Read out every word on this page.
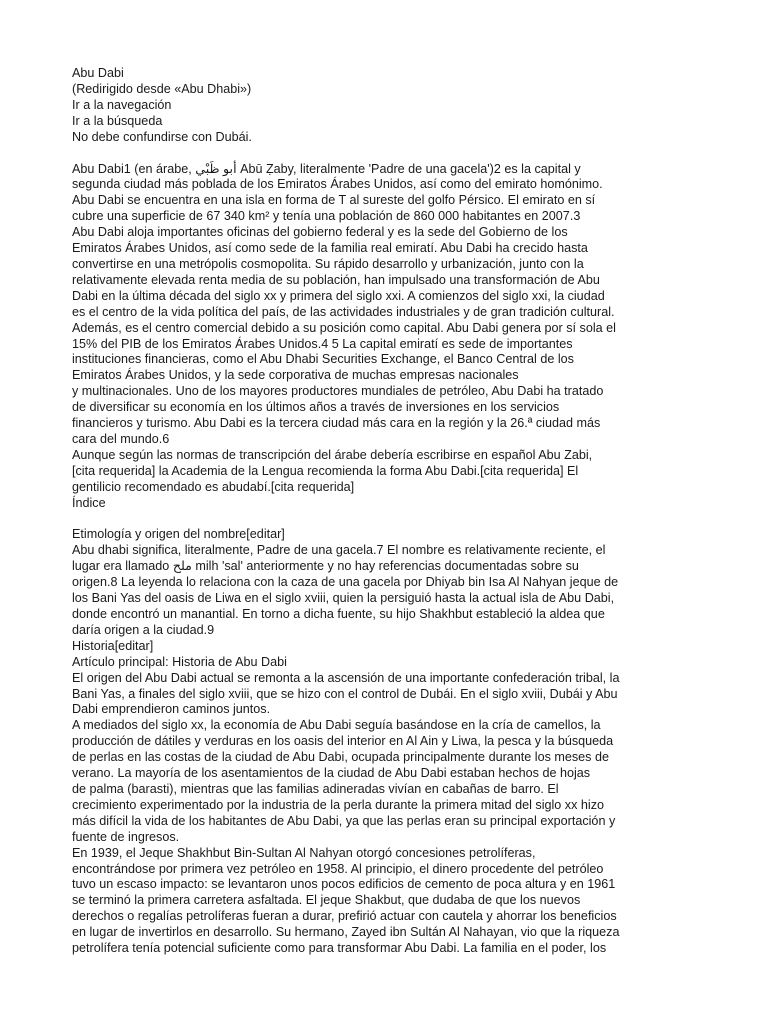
Abu Dabi
(Redirigido desde «Abu Dhabi»)
Ir a la navegación
Ir a la búsqueda
No debe confundirse con Dubái.
Abu Dabi1 (en árabe, أبو ظَبْي Abū Ẓaby, literalmente 'Padre de una gacela')2 es la capital y
segunda ciudad más poblada de los Emiratos Árabes Unidos, así como del emirato homónimo.
Abu Dabi se encuentra en una isla en forma de T al sureste del golfo Pérsico. El emirato en sí
cubre una superficie de 67 340 km² y tenía una población de 860 000 habitantes en 2007.3
Abu Dabi aloja importantes oficinas del gobierno federal y es la sede del Gobierno de los
Emiratos Árabes Unidos, así como sede de la familia real emiratí. Abu Dabi ha crecido hasta
convertirse en una metrópolis cosmopolita. Su rápido desarrollo y urbanización, junto con la
relativamente elevada renta media de su población, han impulsado una transformación de Abu
Dabi en la última década del siglo xx y primera del siglo xxi. A comienzos del siglo xxi, la ciudad
es el centro de la vida política del país, de las actividades industriales y de gran tradición cultural.
Además, es el centro comercial debido a su posición como capital. Abu Dabi genera por sí sola el
15% del PIB de los Emiratos Árabes Unidos.4 5 La capital emiratí es sede de importantes
instituciones financieras, como el Abu Dhabi Securities Exchange, el Banco Central de los
Emiratos Árabes Unidos, y la sede corporativa de muchas empresas nacionales
y multinacionales. Uno de los mayores productores mundiales de petróleo, Abu Dabi ha tratado
de diversificar su economía en los últimos años a través de inversiones en los servicios
financieros y turismo. Abu Dabi es la tercera ciudad más cara en la región y la 26.ª ciudad más
cara del mundo.6
Aunque según las normas de transcripción del árabe debería escribirse en español Abu Zabi,
[cita requerida] la Academia de la Lengua recomienda la forma Abu Dabi.[cita requerida] El
gentilicio recomendado es abudabí.[cita requerida]
Índice
Etimología y origen del nombre[editar]
Abu dhabi significa, literalmente, Padre de una gacela.7 El nombre es relativamente reciente, el
lugar era llamado ملح milh 'sal' anteriormente y no hay referencias documentadas sobre su
origen.8 La leyenda lo relaciona con la caza de una gacela por Dhiyab bin Isa Al Nahyan jeque de
los Bani Yas del oasis de Liwa en el siglo xviii, quien la persiguió hasta la actual isla de Abu Dabi,
donde encontró un manantial. En torno a dicha fuente, su hijo Shakhbut estableció la aldea que
daría origen a la ciudad.9
Historia[editar]
Artículo principal: Historia de Abu Dabi
El origen del Abu Dabi actual se remonta a la ascensión de una importante confederación tribal, la
Bani Yas, a finales del siglo xviii, que se hizo con el control de Dubái. En el siglo xviii, Dubái y Abu
Dabi emprendieron caminos juntos.
A mediados del siglo xx, la economía de Abu Dabi seguía basándose en la cría de camellos, la
producción de dátiles y verduras en los oasis del interior en Al Ain y Liwa, la pesca y la búsqueda
de perlas en las costas de la ciudad de Abu Dabi, ocupada principalmente durante los meses de
verano. La mayoría de los asentamientos de la ciudad de Abu Dabi estaban hechos de hojas
de palma (barasti), mientras que las familias adineradas vivían en cabañas de barro. El
crecimiento experimentado por la industria de la perla durante la primera mitad del siglo xx hizo
más difícil la vida de los habitantes de Abu Dabi, ya que las perlas eran su principal exportación y
fuente de ingresos.
En 1939, el Jeque Shakhbut Bin-Sultan Al Nahyan otorgó concesiones petrolíferas,
encontrándose por primera vez petróleo en 1958. Al principio, el dinero procedente del petróleo
tuvo un escaso impacto: se levantaron unos pocos edificios de cemento de poca altura y en 1961
se terminó la primera carretera asfaltada. El jeque Shakbut, que dudaba de que los nuevos
derechos o regalías petrolíferas fueran a durar, prefirió actuar con cautela y ahorrar los beneficios
en lugar de invertirlos en desarrollo. Su hermano, Zayed ibn Sultán Al Nahayan, vio que la riqueza
petrolífera tenía potencial suficiente como para transformar Abu Dabi. La familia en el poder, los
